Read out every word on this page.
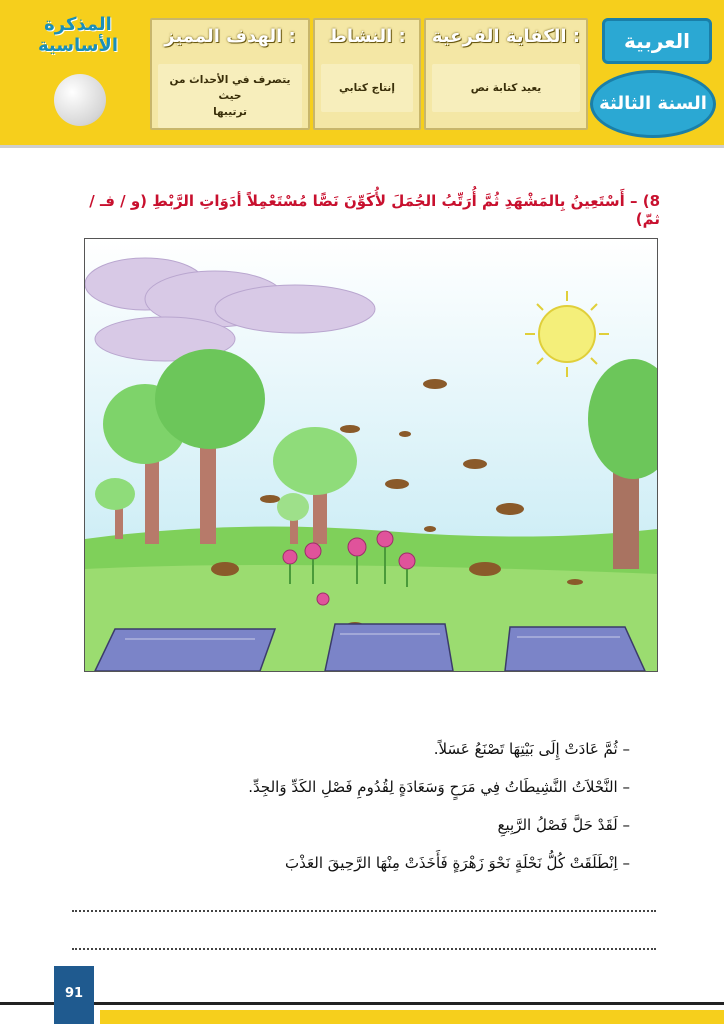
المذكرة الأساسية	الهدف المميز :
يتصرف في الأحداث من حيث
ترتيبها
النشاط :
إنتاج كتابي
الكفاية الفرعية :
يعيد كتابة نص
العربية
السنة الثالثة
8) – أَسْتَعِينُ بِالمَشْهَدِ ثُمَّ أُرَتِّبُ الجُمَلَ لأُكَوِّنَ نَصًّا مُسْتَعْمِلاً أدَوَاتِ الرَّبْطِ (و / فـ / ثمّ)
– ثُمَّ عَادَتْ إِلَى بَيْتِهَا تَصْنَعُ عَسَلاً.
– النَّحْلاَتُ النَّشِيطَاتُ فِي مَرَحٍ وَسَعَادَةٍ لِقُدُومِ فَصْلِ الكَدِّ وَالجِدِّ.
– لَقَدْ حَلَّ فَصْلُ الرَّبِيعِ
– اِنْطَلَقَتْ كُلُّ نَحْلَةٍ نَحْوَ زَهْرَةٍ فَأَخَذَتْ مِنْهَا الرَّحِيقَ العَذْبَ
91
